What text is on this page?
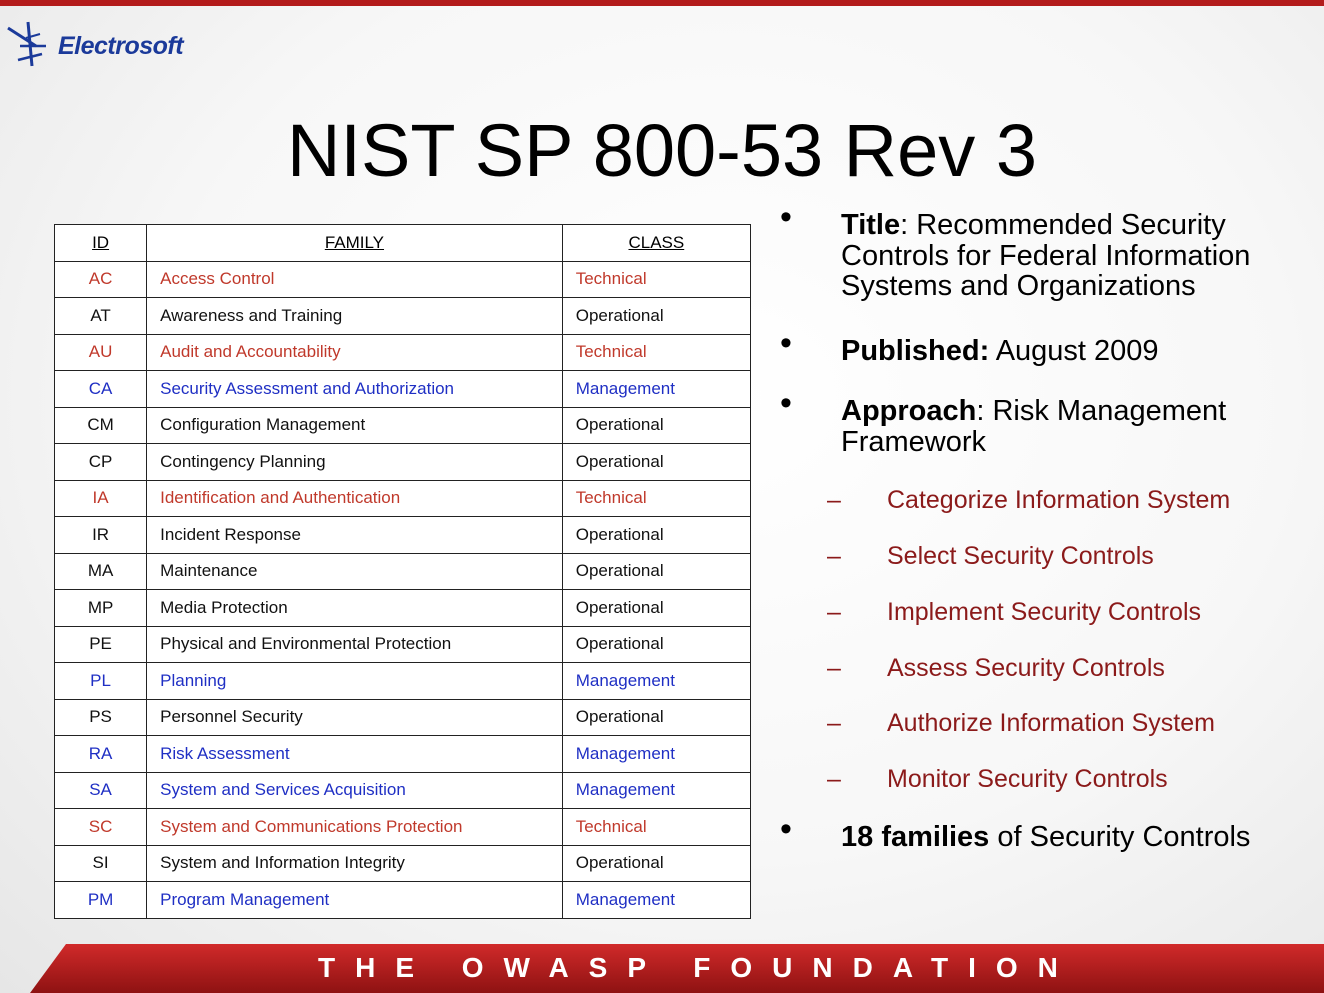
Electrosoft
NIST SP 800-53 Rev 3
ID	FAMILY	CLASS
AC	Access Control	Technical
AT	Awareness and Training	Operational
AU	Audit and Accountability	Technical
CA	Security Assessment and Authorization	Management
CM	Configuration Management	Operational
CP	Contingency Planning	Operational
IA	Identification and Authentication	Technical
IR	Incident Response	Operational
MA	Maintenance	Operational
MP	Media Protection	Operational
PE	Physical and Environmental Protection	Operational
PL	Planning	Management
PS	Personnel Security	Operational
RA	Risk Assessment	Management
SA	System and Services Acquisition	Management
SC	System and Communications Protection	Technical
SI	System and Information Integrity	Operational
PM	Program Management	Management
• Title: Recommended Security Controls for Federal Information Systems and Organizations
• Published: August 2009
• Approach: Risk Management Framework
– Categorize Information System
– Select Security Controls
– Implement Security Controls
– Assess Security Controls
– Authorize Information System
– Monitor Security Controls
• 18 families of Security Controls
THE OWASP FOUNDATION
